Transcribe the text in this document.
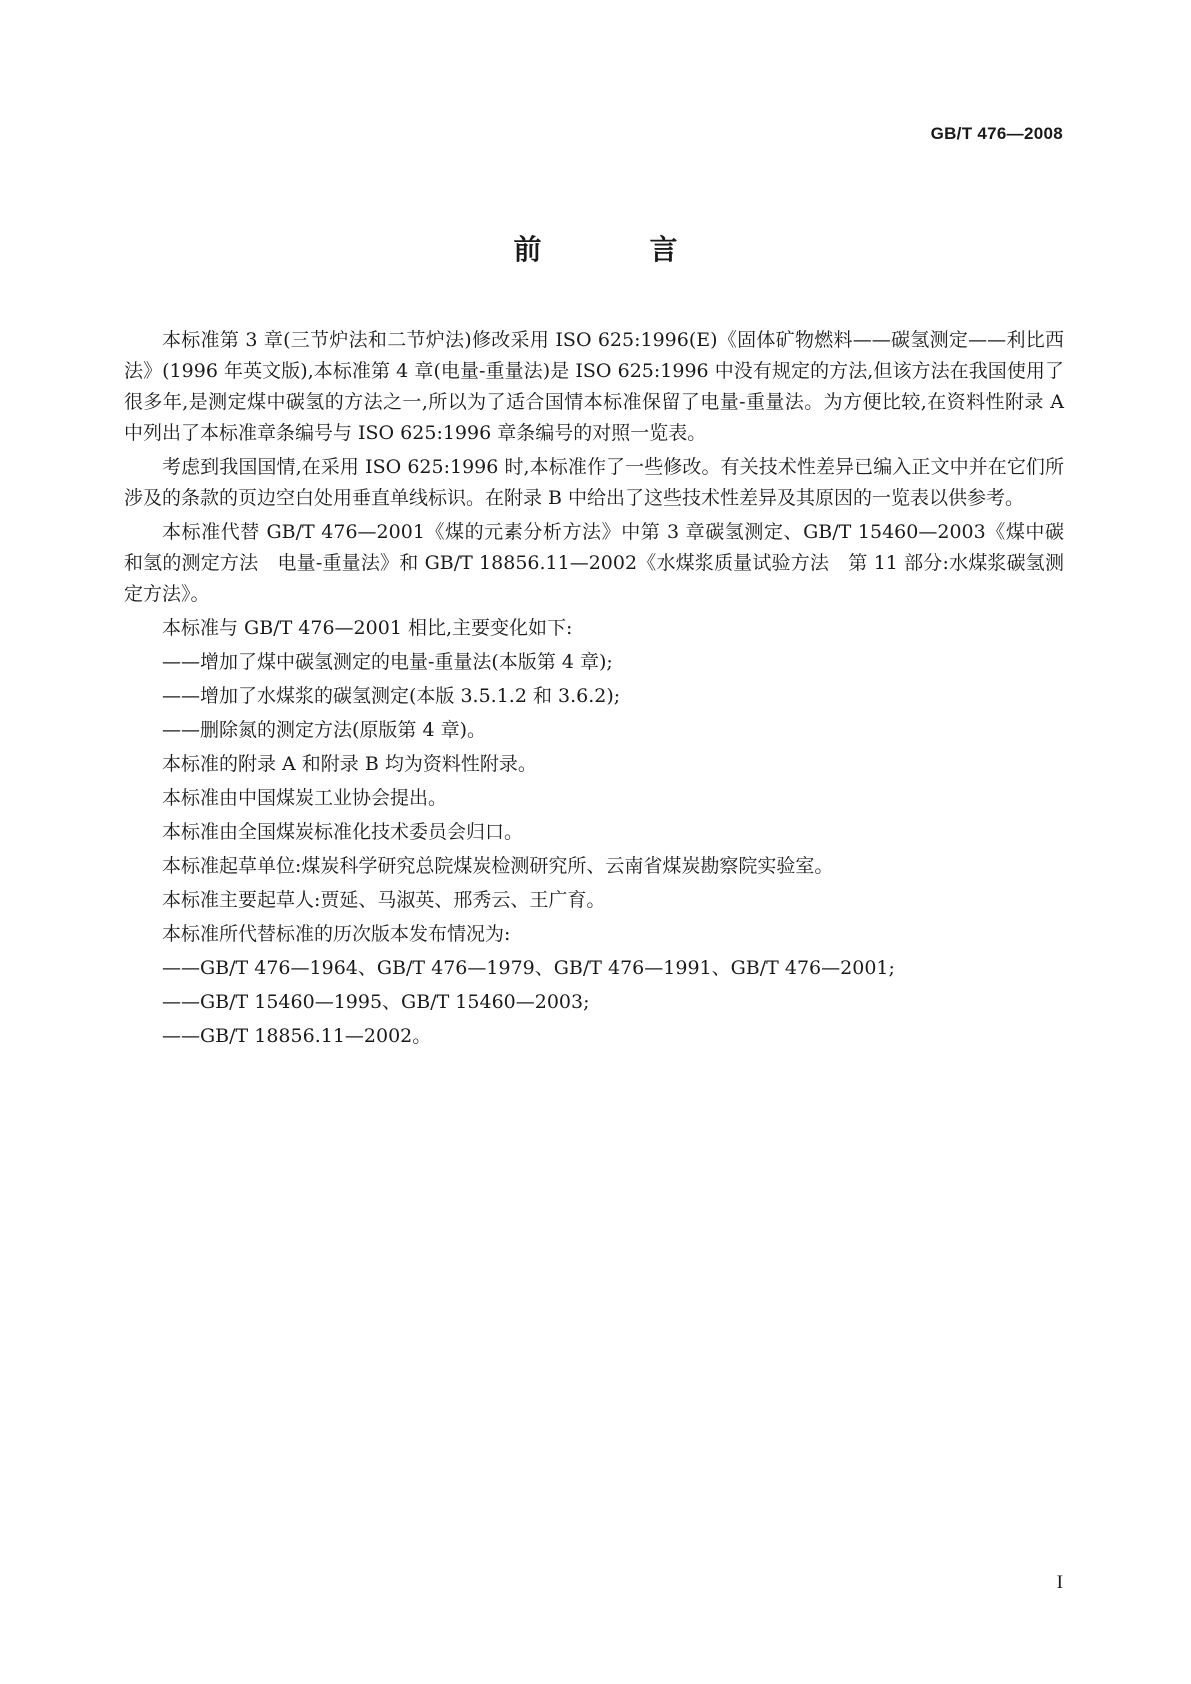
GB/T 476—2008
前　言

本标准第 3 章(三节炉法和二节炉法)修改采用 ISO 625:1996(E)《固体矿物燃料——碳氢测定——利比西法》(1996 年英文版),本标准第 4 章(电量-重量法)是 ISO 625:1996 中没有规定的方法,但该方法在我国使用了很多年,是测定煤中碳氢的方法之一,所以为了适合国情本标准保留了电量-重量法。为方便比较,在资料性附录 A 中列出了本标准章条编号与 ISO 625:1996 章条编号的对照一览表。

考虑到我国国情,在采用 ISO 625:1996 时,本标准作了一些修改。有关技术性差异已编入正文中并在它们所涉及的条款的页边空白处用垂直单线标识。在附录 B 中给出了这些技术性差异及其原因的一览表以供参考。

本标准代替 GB/T 476—2001《煤的元素分析方法》中第 3 章碳氢测定、GB/T 15460—2003《煤中碳和氢的测定方法　电量-重量法》和 GB/T 18856.11—2002《水煤浆质量试验方法　第 11 部分:水煤浆碳氢测定方法》。

本标准与 GB/T 476—2001 相比,主要变化如下:

——增加了煤中碳氢测定的电量-重量法(本版第 4 章);

——增加了水煤浆的碳氢测定(本版 3.5.1.2 和 3.6.2);

——删除氮的测定方法(原版第 4 章)。

本标准的附录 A 和附录 B 均为资料性附录。

本标准由中国煤炭工业协会提出。

本标准由全国煤炭标准化技术委员会归口。

本标准起草单位:煤炭科学研究总院煤炭检测研究所、云南省煤炭勘察院实验室。

本标准主要起草人:贾延、马淑英、邢秀云、王广育。

本标准所代替标准的历次版本发布情况为:

——GB/T 476—1964、GB/T 476—1979、GB/T 476—1991、GB/T 476—2001;

——GB/T 15460—1995、GB/T 15460—2003;

——GB/T 18856.11—2002。

I
